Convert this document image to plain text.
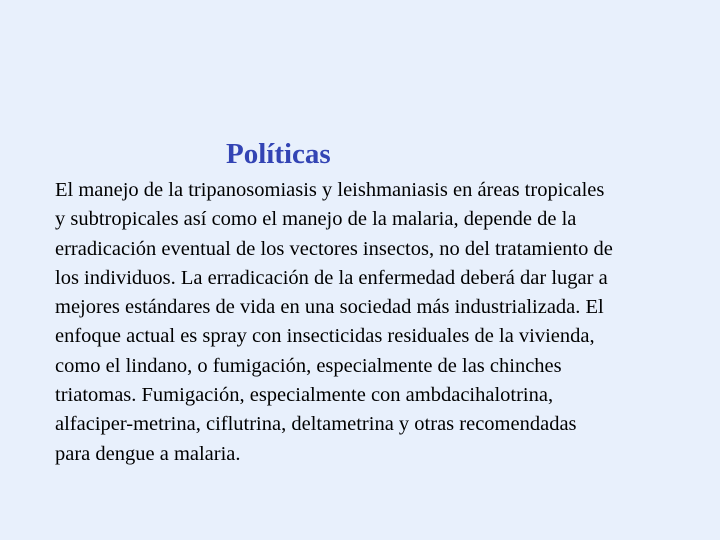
Políticas
El manejo de la tripanosomiasis y leishmaniasis en áreas tropicales
y subtropicales así como el manejo de la malaria, depende de la
erradicación eventual de los vectores insectos, no del tratamiento de
los individuos. La erradicación de la enfermedad deberá dar lugar a
mejores estándares de vida en una sociedad más industrializada. El
enfoque actual es spray con insecticidas residuales de la vivienda,
como el lindano, o fumigación, especialmente de las chinches
triatomas. Fumigación, especialmente con ambdacihalotrina,
alfaciper-metrina, ciflutrina, deltametrina y otras recomendadas
para dengue a malaria.
